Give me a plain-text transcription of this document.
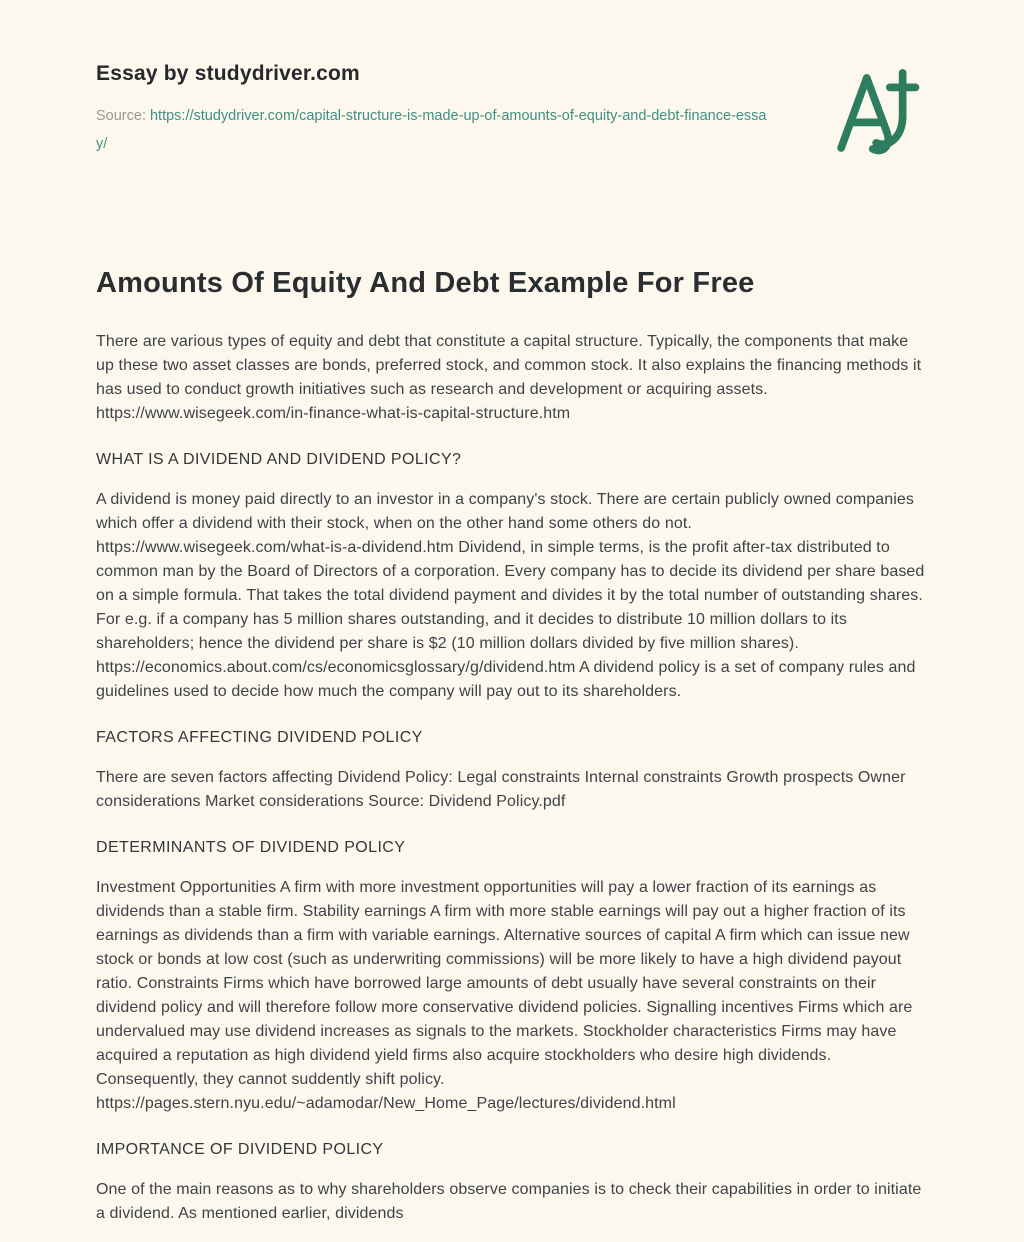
Essay by studydriver.com
Source: https://studydriver.com/capital-structure-is-made-up-of-amounts-of-equity-and-debt-finance-essay/
Amounts Of Equity And Debt Example For Free

There are various types of equity and debt that constitute a capital structure. Typically, the components that make up these two asset classes are bonds, preferred stock, and common stock. It also explains the financing methods it has used to conduct growth initiatives such as research and development or acquiring assets. https://www.wisegeek.com/in-finance-what-is-capital-structure.htm

WHAT IS A DIVIDEND AND DIVIDEND POLICY?

A dividend is money paid directly to an investor in a company's stock. There are certain publicly owned companies which offer a dividend with their stock, when on the other hand some others do not. https://www.wisegeek.com/what-is-a-dividend.htm Dividend, in simple terms, is the profit after-tax distributed to common man by the Board of Directors of a corporation. Every company has to decide its dividend per share based on a simple formula. That takes the total dividend payment and divides it by the total number of outstanding shares. For e.g. if a company has 5 million shares outstanding, and it decides to distribute 10 million dollars to its shareholders; hence the dividend per share is $2 (10 million dollars divided by five million shares). https://economics.about.com/cs/economicsglossary/g/dividend.htm A dividend policy is a set of company rules and guidelines used to decide how much the company will pay out to its shareholders.

FACTORS AFFECTING DIVIDEND POLICY

There are seven factors affecting Dividend Policy: Legal constraints Internal constraints Growth prospects Owner considerations Market considerations Source: Dividend Policy.pdf

DETERMINANTS OF DIVIDEND POLICY

Investment Opportunities A firm with more investment opportunities will pay a lower fraction of its earnings as dividends than a stable firm. Stability earnings A firm with more stable earnings will pay out a higher fraction of its earnings as dividends than a firm with variable earnings. Alternative sources of capital A firm which can issue new stock or bonds at low cost (such as underwriting commissions) will be more likely to have a high dividend payout ratio. Constraints Firms which have borrowed large amounts of debt usually have several constraints on their dividend policy and will therefore follow more conservative dividend policies. Signalling incentives Firms which are undervalued may use dividend increases as signals to the markets. Stockholder characteristics Firms may have acquired a reputation as high dividend yield firms also acquire stockholders who desire high dividends. Consequently, they cannot suddently shift policy. https://pages.stern.nyu.edu/~adamodar/New_Home_Page/lectures/dividend.html

IMPORTANCE OF DIVIDEND POLICY

One of the main reasons as to why shareholders observe companies is to check their capabilities in order to initiate a dividend. As mentioned earlier, dividends
